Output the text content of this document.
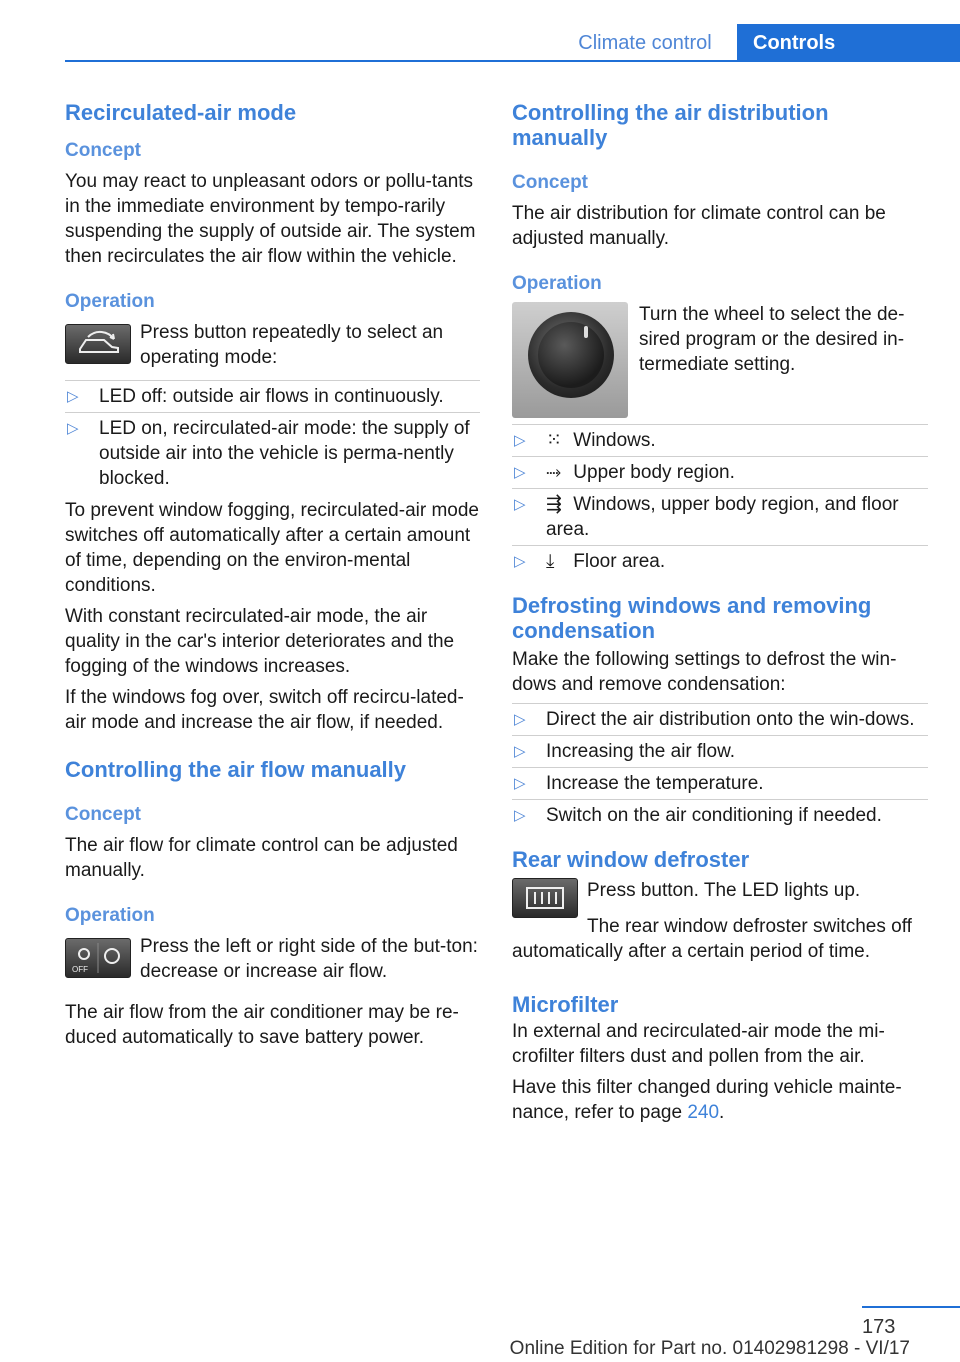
Climate control	Controls
Recirculated-air mode
Concept

You may react to unpleasant odors or pollu-tants in the immediate environment by tempo-rarily suspending the supply of outside air. The system then recirculates the air flow within the vehicle.

Operation

Press button repeatedly to select an operating mode:

▷ LED off: outside air flows in continuously.
▷ LED on, recirculated-air mode: the supply of outside air into the vehicle is perma-nently blocked.

To prevent window fogging, recirculated-air mode switches off automatically after a certain amount of time, depending on the environ-mental conditions.

With constant recirculated-air mode, the air quality in the car's interior deteriorates and the fogging of the windows increases.

If the windows fog over, switch off recircu-lated-air mode and increase the air flow, if needed.

Controlling the air flow manually
Concept

The air flow for climate control can be adjusted manually.

Operation
OFF

Press the left or right side of the but-ton: decrease or increase air flow.

The air flow from the air conditioner may be re-duced automatically to save battery power.

Controlling the air distribution manually
Concept

The air distribution for climate control can be adjusted manually.

Operation

Turn the wheel to select the de-sired program or the desired in-termediate setting.

▷ ⁙ Windows.
▷ ⤑ Upper body region.
▷ ⇶ Windows, upper body region, and floor area.
▷ ⤓ Floor area.
Defrosting windows and removing condensation

Make the following settings to defrost the win-dows and remove condensation:

▷ Direct the air distribution onto the win-dows.
▷ Increasing the air flow.
▷ Increase the temperature.
▷ Switch on the air conditioning if needed.
Rear window defroster

Press button. The LED lights up.

The rear window defroster switches off automatically after a certain period of time.

Microfilter

In external and recirculated-air mode the mi-crofilter filters dust and pollen from the air.

Have this filter changed during vehicle mainte-nance, refer to page 240.

173
Online Edition for Part no. 01402981298 - VI/17
